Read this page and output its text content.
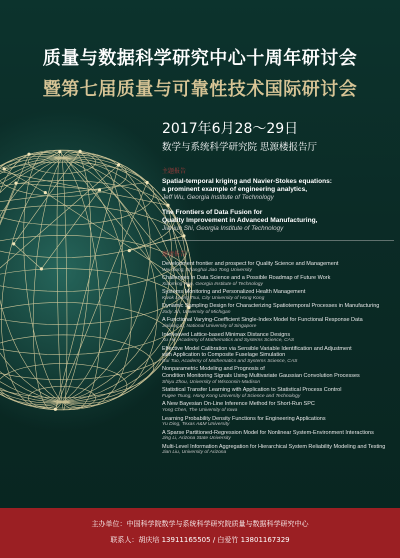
质量与数据科学研究中心十周年研讨会
暨第七届质量与可靠性技术国际研讨会
2017年6月28～29日
数学与系统科学研究院 思源楼报告厅
主题报告
Spatial-temporal kriging and Navier-Stokes equations:
a prominent example of engineering analytics,
Jeff Wu, Georgia Institute of Technology
The Frontiers of Data Fusion for
Quality Improvement in Advanced Manufacturing,
Jianjun Shi, Georgia Institute of Technology
邀请报告
Development frontier and prospect for Quality Science and Management
Wei Jiang, Shanghai Jiao Tong University
Challenges in Data Science and a Possible Roadmap of Future Work
Xiaoming Huo, Georgia Institute of Technology
Systems Monitoring and Personalized Health Management
Kwok Leung Tsui, City University of Hong Kong
Dynamic Sampling Design for Characterizing Spatiotemporal Processes in Manufacturing
Jody Jin, University of Michigan
A Functional Varying-Coefficient Single-Index Model for Functional Response Data
Jialiang Li, National University of Singapore
Interleaved Lattice-based Minimax Distance Designs
Xu He, Academy of Mathematics and Systems Science, CAS
Effective Model Calibration via Sensible Variable Identification and Adjustment
with Application to Composite Fuselage Simulation
Rui Tuo, Academy of Mathematics and Systems Science, CAS
Nonparametric Modeling and Prognosis of
Condition Monitoring Signals Using Multivariate Gaussian Convolution Processes
Shiyu Zhou, University of Wisconsin-Madison
Statistical Transfer Learning with Application to Statistical Process Control
Fugee Tsung, Hong Kong University of Science and Technology
A New Bayesian On-Line Inference Method for Short-Run SPC
Yong Chen, The University of Iowa
Learning Probability Density Functions for Engineering Applications
Yu Ding, Texas A&M University
A Sparse Partitioned-Regression Model for Nonlinear System-Environment Interactions
Jing Li, Arizona State University
Multi-Level Information Aggregation for Hierarchical System Reliability Modeling and Testing
Jian Liu, University of Arizona
主办单位：中国科学院数学与系统科学研究院质量与数据科学研究中心
联系人：胡庆培 13911165505 / 白爱竹 13801167329
